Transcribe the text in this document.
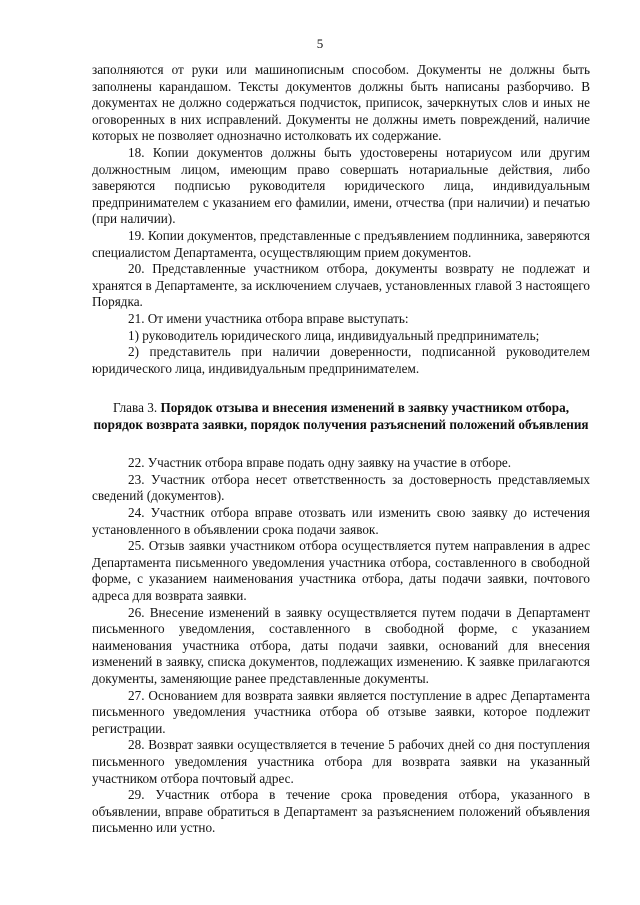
5

заполняются от руки или машинописным способом. Документы не должны быть заполнены карандашом. Тексты документов должны быть написаны разборчиво. В документах не должно содержаться подчисток, приписок, зачеркнутых слов и иных не оговоренных в них исправлений. Документы не должны иметь повреждений, наличие которых не позволяет однозначно истолковать их содержание.

18. Копии документов должны быть удостоверены нотариусом или другим должностным лицом, имеющим право совершать нотариальные действия, либо заверяются подписью руководителя юридического лица, индивидуальным предпринимателем с указанием его фамилии, имени, отчества (при наличии) и печатью (при наличии).

19. Копии документов, представленные с предъявлением подлинника, заверяются специалистом Департамента, осуществляющим прием документов.

20. Представленные участником отбора, документы возврату не подлежат и хранятся в Департаменте, за исключением случаев, установленных главой 3 настоящего Порядка.

21. От имени участника отбора вправе выступать:

1) руководитель юридического лица, индивидуальный предприниматель;

2) представитель при наличии доверенности, подписанной руководителем юридического лица, индивидуальным предпринимателем.

Глава 3. Порядок отзыва и внесения изменений в заявку участником отбора, порядок возврата заявки, порядок получения разъяснений положений объявления

22. Участник отбора вправе подать одну заявку на участие в отборе.

23. Участник отбора несет ответственность за достоверность представляемых сведений (документов).

24. Участник отбора вправе отозвать или изменить свою заявку до истечения установленного в объявлении срока подачи заявок.

25. Отзыв заявки участником отбора осуществляется путем направления в адрес Департамента письменного уведомления участника отбора, составленного в свободной форме, с указанием наименования участника отбора, даты подачи заявки, почтового адреса для возврата заявки.

26. Внесение изменений в заявку осуществляется путем подачи в Департамент письменного уведомления, составленного в свободной форме, с указанием наименования участника отбора, даты подачи заявки, оснований для внесения изменений в заявку, списка документов, подлежащих изменению. К заявке прилагаются документы, заменяющие ранее представленные документы.

27. Основанием для возврата заявки является поступление в адрес Департамента письменного уведомления участника отбора об отзыве заявки, которое подлежит регистрации.

28. Возврат заявки осуществляется в течение 5 рабочих дней со дня поступления письменного уведомления участника отбора для возврата заявки на указанный участником отбора почтовый адрес.

29. Участник отбора в течение срока проведения отбора, указанного в объявлении, вправе обратиться в Департамент за разъяснением положений объявления письменно или устно.
